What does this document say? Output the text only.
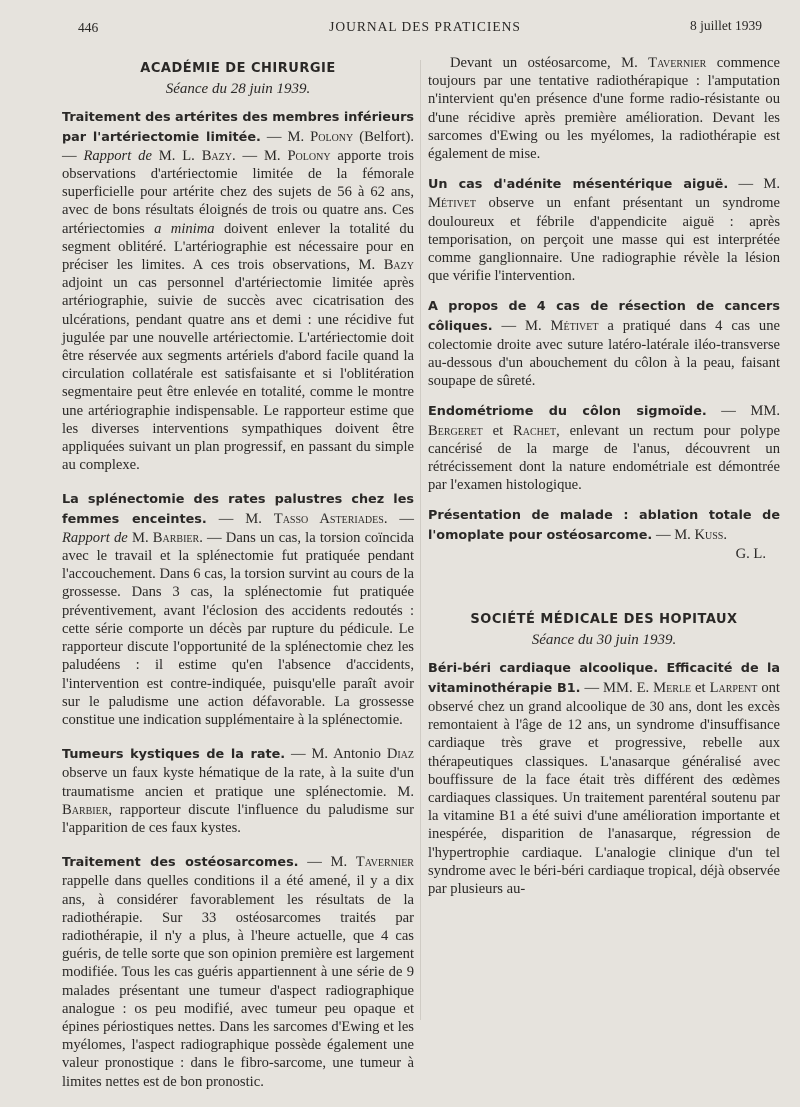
446	JOURNAL DES PRATICIENS	8 juillet 1939
ACADÉMIE DE CHIRURGIE
Séance du 28 juin 1939.

Traitement des artérites des membres inférieurs par l'artériectomie limitée. — M. Polony (Belfort). — Rapport de M. L. Bazy. — M. Polony apporte trois observations d'artériectomie limitée de la fémorale superficielle pour artérite chez des sujets de 56 à 62 ans, avec de bons résultats éloignés de trois ou quatre ans. Ces artériectomies a minima doivent enlever la totalité du segment oblitéré. L'artériographie est nécessaire pour en préciser les limites. A ces trois observations, M. Bazy adjoint un cas personnel d'artériectomie limitée après artériographie, suivie de succès avec cicatrisation des ulcérations, pendant quatre ans et demi : une récidive fut jugulée par une nouvelle artériectomie. L'artériectomie doit être réservée aux segments artériels d'abord facile quand la circulation collatérale est satisfaisante et si l'oblitération segmentaire peut être enlevée en totalité, comme le montre une artériographie indispensable. Le rapporteur estime que les diverses interventions sympathiques doivent être appliquées suivant un plan progressif, en passant du simple au complexe.

La splénectomie des rates palustres chez les femmes enceintes. — M. Tasso Asteriades. — Rapport de M. Barbier. — Dans un cas, la torsion coïncida avec le travail et la splénectomie fut pratiquée pendant l'accouchement. Dans 6 cas, la torsion survint au cours de la grossesse. Dans 3 cas, la splénectomie fut pratiquée préventivement, avant l'éclosion des accidents redoutés : cette série comporte un décès par rupture du pédicule. Le rapporteur discute l'opportunité de la splénectomie chez les paludéens : il estime qu'en l'absence d'accidents, l'intervention est contre-indiquée, puisqu'elle paraît avoir sur le paludisme une action défavorable. La grossesse constitue une indication supplémentaire à la splénectomie.

Tumeurs kystiques de la rate. — M. Antonio Diaz observe un faux kyste hématique de la rate, à la suite d'un traumatisme ancien et pratique une splénectomie. M. Barbier, rapporteur discute l'influence du paludisme sur l'apparition de ces faux kystes.

Traitement des ostéosarcomes. — M. Tavernier rappelle dans quelles conditions il a été amené, il y a dix ans, à considérer favorablement les résultats de la radiothérapie. Sur 33 ostéosarcomes traités par radiothérapie, il n'y a plus, à l'heure actuelle, que 4 cas guéris, de telle sorte que son opinion première est largement modifiée. Tous les cas guéris appartiennent à une série de 9 malades présentant une tumeur d'aspect radiographique analogue : os peu modifié, avec tumeur peu opaque et épines périostiques nettes. Dans les sarcomes d'Ewing et les myélomes, l'aspect radiographique possède également une valeur pronostique : dans le fibro-sarcome, une tumeur à limites nettes est de bon pronostic.

Devant un ostéosarcome, M. Tavernier commence toujours par une tentative radiothérapique : l'amputation n'intervient qu'en présence d'une forme radio-résistante ou d'une récidive après première amélioration. Devant les sarcomes d'Ewing ou les myélomes, la radiothérapie est également de mise.

Un cas d'adénite mésentérique aiguë. — M. Métivet observe un enfant présentant un syndrome douloureux et fébrile d'appendicite aiguë : après temporisation, on perçoit une masse qui est interprétée comme ganglionnaire. Une radiographie révèle la lésion que vérifie l'intervention.

A propos de 4 cas de résection de cancers côliques. — M. Métivet a pratiqué dans 4 cas une colectomie droite avec suture latéro-latérale iléo-transverse au-dessous d'un abouchement du côlon à la peau, faisant soupape de sûreté.

Endométriome du côlon sigmoïde. — MM. Bergeret et Rachet, enlevant un rectum pour polype cancérisé de la marge de l'anus, découvrent un rétrécissement dont la nature endométriale est démontrée par l'examen histologique.

Présentation de malade : ablation totale de l'omoplate pour ostéosarcome. — M. Kuss.

G. L.

SOCIÉTÉ MÉDICALE DES HOPITAUX
Séance du 30 juin 1939.

Béri-béri cardiaque alcoolique. Efficacité de la vitaminothérapie B1. — MM. E. Merle et Larpent ont observé chez un grand alcoolique de 30 ans, dont les excès remontaient à l'âge de 12 ans, un syndrome d'insuffisance cardiaque très grave et progressive, rebelle aux thérapeutiques classiques. L'anasarque généralisé avec bouffissure de la face était très différent des œdèmes cardiaques classiques. Un traitement parentéral soutenu par la vitamine B1 a été suivi d'une amélioration importante et inespérée, disparition de l'anasarque, régression de l'hypertrophie cardiaque. L'analogie clinique d'un tel syndrome avec le béri-béri cardiaque tropical, déjà observée par plusieurs au-
